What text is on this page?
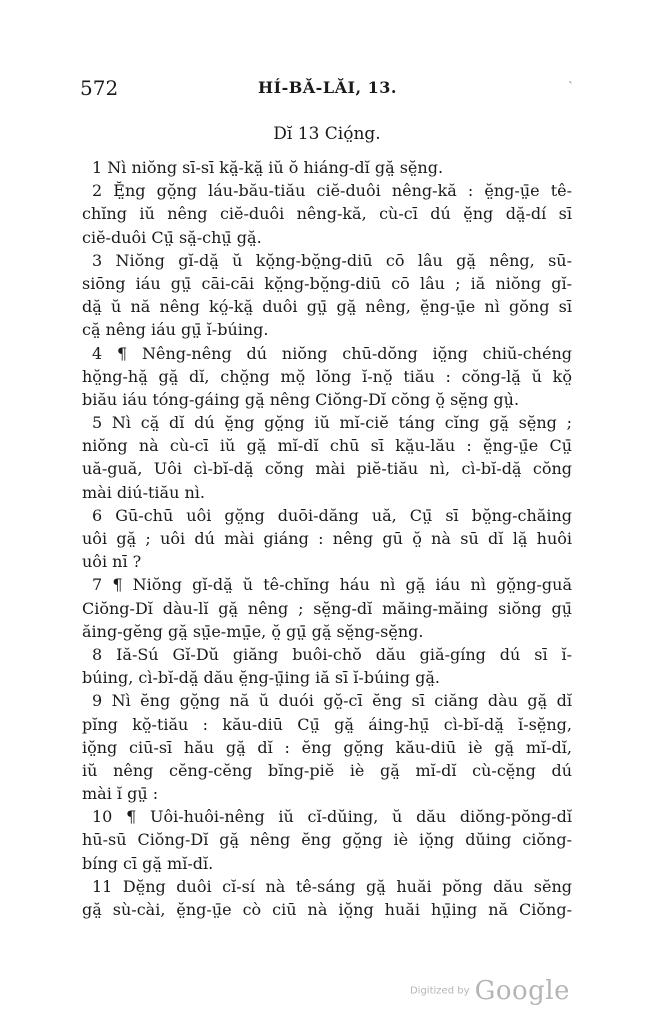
572	HÍ-BĂ-LĂI, 13.	`
Dĭ 13 Ció̤ng.
1 Nì niŏng sī-sī kă̤-kă̤ iŭ ŏ hiáng-dĭ gă̤ sĕ̤ng.
2 Ĕ̤ng gŏ̤ng láu-bău-tiău ciĕ-duôi nêng-kă : ĕ̤ng-ṳ̄e tê-
chĭng iŭ nêng ciĕ-duôi nêng-kă, cù-cī dú ĕ̤ng dă̤-dí sī
ciĕ-duôi Cṳ̄ să̤-chṳ̄ gă̤.
3 Niŏng gĭ-dă̤ ŭ kŏ̤ng-bŏ̤ng-diū cō lâu gă̤ nêng, sū-
siōng iáu gṳ̄ cāi-cāi kŏ̤ng-bŏ̤ng-diū cō lâu ; iă niŏng gĭ-
dă̤ ŭ nă nêng kó̤-kă̤ duôi gṳ̄ gă̤ nêng, ĕ̤ng-ṳ̄e nì gŏng sī
că̤ nêng iáu gṳ̄ ĭ-búing.
4 ¶ Nêng-nêng dú niŏng chū-dŏng iŏ̤ng chiŭ-chéng
hŏ̤ng-hă̤ gă̤ dĭ, chŏ̤ng mŏ̤ lŏng ĭ-nŏ̤ tiău : cŏng-lă̤ ŭ kŏ̤
biău iáu tóng-gáing gă̤ nêng Ciŏng-Dĭ cŏng ŏ̤ sĕ̤ng gṳ̀.
5 Nì că̤ dĭ dú ĕ̤ng gŏ̤ng iŭ mĭ-ciĕ táng cĭng gă̤ sĕ̤ng ;
niŏng nà cù-cī iŭ gă̤ mĭ-dĭ chū sī kă̤u-lău : ĕ̤ng-ṳ̄e Cṳ̄
uă-guă, Uôi cì-bĭ-dă̤ cŏng mài piĕ-tiău nì, cì-bĭ-dă̤ cŏng
mài diú-tiău nì.
6 Gū-chū uôi gŏ̤ng duōi-dăng uă, Cṳ̄ sī bŏ̤ng-chăing
uôi gă̤ ; uôi dú mài giáng : nêng gū ŏ̤ nà sū dĭ lă̤ huôi
uôi nī ?
7 ¶ Niŏng gĭ-dă̤ ŭ tê-chĭng háu nì gă̤ iáu nì gŏ̤ng-guă
Ciŏng-Dĭ dàu-lĭ gă̤ nêng ; sĕ̤ng-dĭ măing-măing siŏng gṳ̄
ăing-gĕng gă̤ sṳ̄e-mṳ̄e, ŏ̤ gṳ̄ gă̤ sĕ̤ng-sĕ̤ng.
8 Iă-Sú Gĭ-Dŭ giăng buôi-chŏ dău giă-gíng dú sī ĭ-
búing, cì-bĭ-dă̤ dău ĕ̤ng-ṳ̄ing iă sī ĭ-búing gă̤.
9 Nì ĕng gŏ̤ng nă ŭ duói gŏ̤-cī ĕng sī ciăng dàu gă̤ dĭ
pĭng kŏ̤-tiău : kău-diū Cṳ̄ gă̤ áing-hṳ̄ cì-bĭ-dă̤ ĭ-sĕ̤ng,
iŏ̤ng ciū-sī hău gă̤ dĭ : ĕng gŏ̤ng kău-diū iè gă̤ mĭ-dĭ,
iŭ nêng cĕng-cĕng bĭng-piĕ iè gă̤ mĭ-dĭ cù-cĕ̤ng dú
mài ĭ gṳ̄ :
10 ¶ Uôi-huôi-nêng iŭ cĭ-dŭing, ŭ dău diŏng-pŏng-dĭ
hū-sū Ciŏng-Dĭ gă̤ nêng ĕng gŏ̤ng iè iŏ̤ng dŭing ciŏng-
bíng cī gă̤ mĭ-dĭ.
11 Dĕ̤ng duôi cĭ-sí nà tê-sáng gă̤ huăi pŏng dău sĕng
gă̤ sù-cài, ĕ̤ng-ṳ̄e cò ciū nà iŏ̤ng huăi hṳ̄ing nă Ciŏng-
Digitized by Google
